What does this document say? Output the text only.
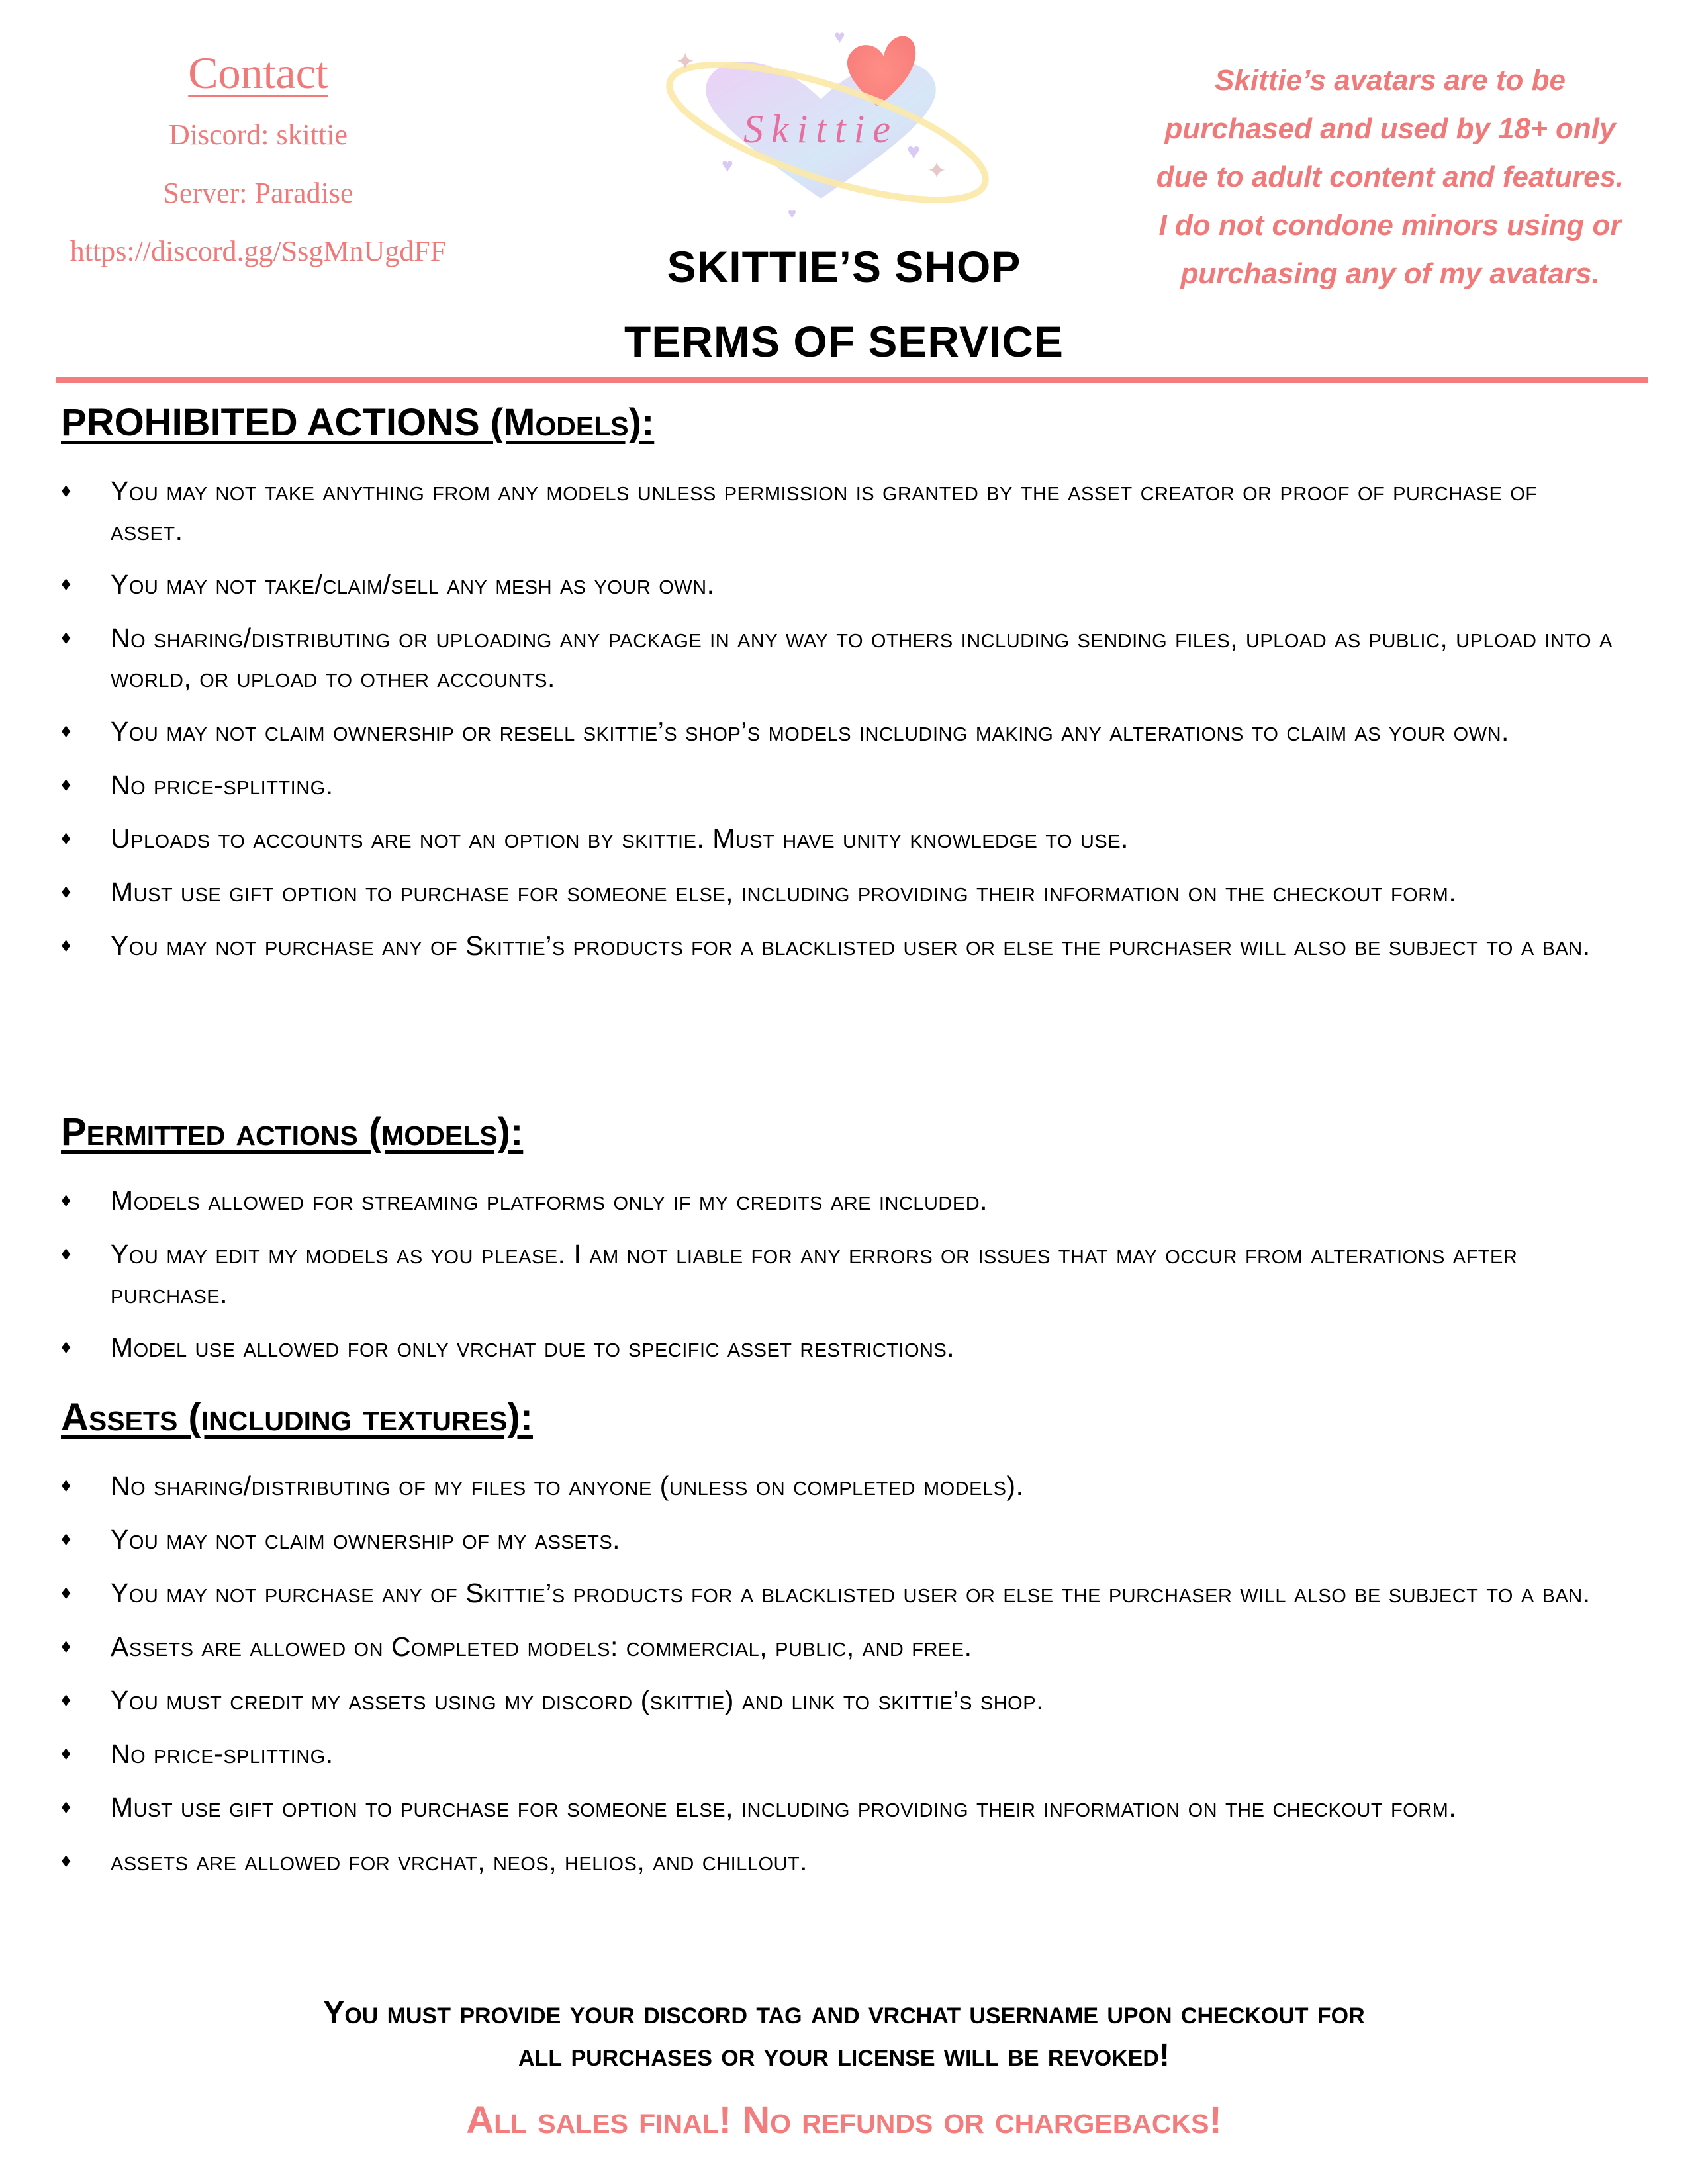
Contact
Discord: skittie
Server: Paradise
https://discord.gg/SsgMnUgdFF
Skittie
✦
✦
♥
♥
♥
♥
SKITTIE’S SHOP
TERMS OF SERVICE
Skittie’s avatars are to be
purchased and used by 18+ only
due to adult content and features.
I do not condone minors using or
purchasing any of my avatars.
PROHIBITED ACTIONS (Models):
♦ You may not take anything from any models unless permission is granted by the asset creator or proof of purchase of asset.
♦ You may not take/claim/sell any mesh as your own.
♦ No sharing/distributing or uploading any package in any way to others including sending files, upload as public, upload into a world, or upload to other accounts.
♦ You may not claim ownership or resell skittie’s shop’s models including making any alterations to claim as your own.
♦ No price-splitting.
♦ Uploads to accounts are not an option by skittie. Must have unity knowledge to use.
♦ Must use gift option to purchase for someone else, including providing their information on the checkout form.
♦ You may not purchase any of Skittie’s products for a blacklisted user or else the purchaser will also be subject to a ban.
Permitted actions (models):
♦ Models allowed for streaming platforms only if my credits are included.
♦ You may edit my models as you please. I am not liable for any errors or issues that may occur from alterations after purchase.
♦ Model use allowed for only vrchat due to specific asset restrictions.
Assets (including textures):
♦ No sharing/distributing of my files to anyone (unless on completed models).
♦ You may not claim ownership of my assets.
♦ You may not purchase any of Skittie’s products for a blacklisted user or else the purchaser will also be subject to a ban.
♦ Assets are allowed on Completed models: commercial, public, and free.
♦ You must credit my assets using my discord (skittie) and link to skittie’s shop.
♦ No price-splitting.
♦ Must use gift option to purchase for someone else, including providing their information on the checkout form.
♦ assets are allowed for vrchat, neos, helios, and chillout.
You must provide your discord tag and vrchat username upon checkout for
all purchases or your license will be revoked!
All sales final! No refunds or chargebacks!
